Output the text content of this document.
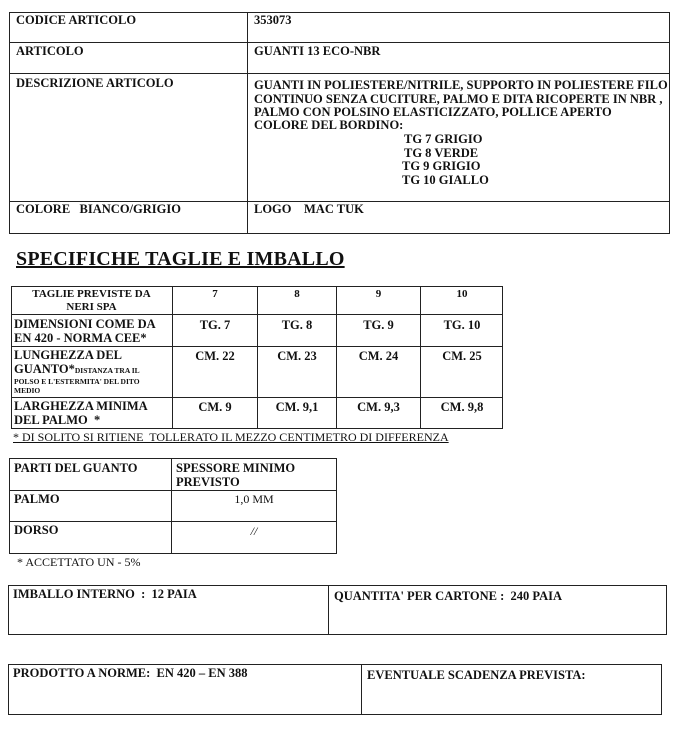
CODICE ARTICOLO	353073
ARTICOLO	GUANTI 13 ECO-NBR
DESCRIZIONE ARTICOLO	GUANTI IN POLIESTERE/NITRILE, SUPPORTO IN POLIESTERE FILO
CONTINUO SENZA CUCITURE, PALMO E DITA RICOPERTE IN NBR ,
PALMO CON POLSINO ELASTICIZZATO, POLLICE APERTO
COLORE DEL BORDINO:
TG 7 GRIGIO
TG 8 VERDE
TG 9 GRIGIO
TG 10 GIALLO
COLORE   BIANCO/GRIGIO	LOGO    MAC TUK
SPECIFICHE TAGLIE E IMBALLO
TAGLIE PREVISTE DA
NERI SPA
7	8	9	10
DIMENSIONI COME DA
EN 420 - NORMA CEE*
TG. 7	TG. 8	TG. 9	TG. 10
LUNGHEZZA DEL
GUANTO*DISTANZA TRA IL
POLSO E L'ESTERMITA' DEL DITO
MEDIO
CM. 22	CM. 23	CM. 24	CM. 25
LARGHEZZA MINIMA
DEL PALMO  *
CM. 9	CM. 9,1	CM. 9,3	CM. 9,8
* DI SOLITO SI RITIENE  TOLLERATO IL MEZZO CENTIMETRO DI DIFFERENZA
PARTI DEL GUANTO	SPESSORE MINIMO
PREVISTO
PALMO	1,0 MM
DORSO	//
* ACCETTATO UN - 5%
IMBALLO INTERNO  :  12 PAIA	QUANTITA' PER CARTONE :  240 PAIA
PRODOTTO A NORME:  EN 420 – EN 388	EVENTUALE SCADENZA PREVISTA:
